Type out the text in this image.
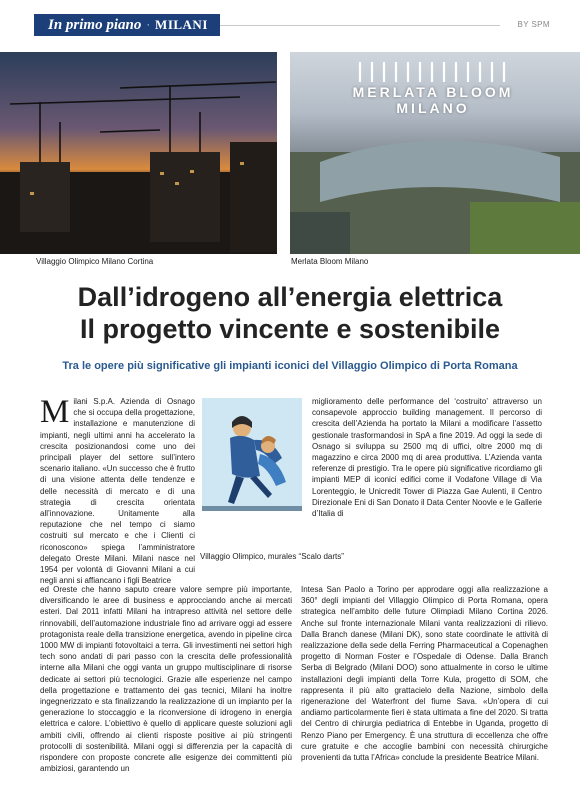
In primo piano · MILANI	BY SPM
Villaggio Olimpico Milano Cortina
MERLATA BLOOM MILANO
Merlata Bloom Milano
Dall’idrogeno all’energia elettrica
Il progetto vincente e sostenibile
Tra le opere più significative gli impianti iconici del Villaggio Olimpico di Porta Romana
Milani S.p.A. Azienda di Osnago che si occupa della progettazione, installazione e manutenzione di impianti, negli ultimi anni ha accelerato la crescita posizionandosi come uno dei principali player del settore sull’intero scenario italiano. «Un successo che è frutto di una visione attenta delle tendenze e delle necessità di mercato e di una strategia di crescita orientata all’innovazione. Unitamente alla reputazione che nel tempo ci siamo costruiti sul mercato e che i Clienti ci riconoscono» spiega l’amministratore delegato Oreste Milani. Milani nasce nel 1954 per volontà di Giovanni Milani a cui negli anni si affiancano i figli Beatrice
Villaggio Olimpico, murales “Scalo darts”
ed Oreste che hanno saputo creare valore sempre più importante, diversificando le aree di business e approcciando anche ai mercati esteri. Dal 2011 infatti Milani ha intrapreso attività nel settore delle rinnovabili, dell’automazione industriale fino ad arrivare oggi ad essere protagonista reale della transizione energetica, avendo in pipeline circa 1000 MW di impianti fotovoltaici a terra. Gli investimenti nei settori high tech sono andati di pari passo con la crescita delle professionalità interne alla Milani che oggi vanta un gruppo multisciplinare di risorse dedicate ai settori più tecnologici. Grazie alle esperienze nel campo della progettazione e trattamento dei gas tecnici, Milani ha inoltre ingegnerizzato e sta finalizzando la realizzazione di un impianto per la generazione lo stoccaggio e la riconversione di idrogeno in energia elettrica e calore. L’obiettivo è quello di applicare queste soluzioni agli ambiti civili, offrendo ai clienti risposte positive ai più stringenti protocolli di sostenibilità. Milani oggi si differenzia per la capacità di rispondere con proposte concrete alle esigenze dei committenti più ambiziosi, garantendo un
miglioramento delle performance del ‘costruito’ attraverso un consapevole approccio building management. Il percorso di crescita dell’Azienda ha portato la Milani a modificare l’assetto gestionale trasformandosi in SpA a fine 2019. Ad oggi la sede di Osnago si sviluppa su 2500 mq di uffici, oltre 2000 mq di magazzino e circa 2000 mq di area produttiva. L’Azienda vanta referenze di prestigio. Tra le opere più significative ricordiamo gli impianti MEP di iconici edifici come il Vodafone Village di Via Lorenteggio, le Unicredit Tower di Piazza Gae Aulenti, il Centro Direzionale Eni di San Donato il Data Center Noovle e le Gallerie d’Italia di
Intesa San Paolo a Torino per approdare oggi alla realizzazione a 360° degli impianti del Villaggio Olimpico di Porta Romana, opera strategica nell’ambito delle future Olimpiadi Milano Cortina 2026. Anche sul fronte internazionale Milani vanta realizzazioni di rilievo. Dalla Branch danese (Milani DK), sono state coordinate le attività di realizzazione della sede della Ferring Pharmaceutical a Copenaghen progetto di Norman Foster e l’Ospedale di Odense. Dalla Branch Serba di Belgrado (Milani DOO) sono attualmente in corso le ultime installazioni degli impianti della Torre Kula, progetto di SOM, che rappresenta il più alto grattacielo della Nazione, simbolo della rigenerazione del Waterfront del fiume Sava. «Un’opera di cui andiamo particolarmente fieri è stata ultimata a fine del 2020. Si tratta del Centro di chirurgia pediatrica di Entebbe in Uganda, progetto di Renzo Piano per Emergency. È una struttura di eccellenza che offre cure gratuite e che accoglie bambini con necessità chirurgiche provenienti da tutta l’Africa» conclude la presidente Beatrice Milani.
